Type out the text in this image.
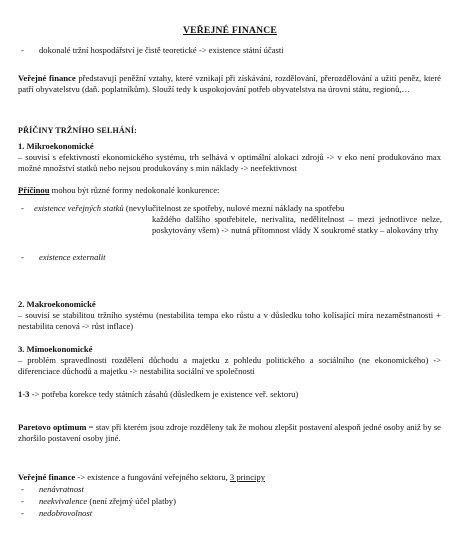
VEŘEJNÉ FINANCE
-	dokonalé tržní hospodářství je čistě teoretické -> existence státní účasti
Veřejné finance představují peněžní vztahy, které vznikají při získávání, rozdělování, přerozdělování a užití peněz, které patří obyvatelstvu (daň. poplatníkům). Slouží tedy k uspokojování potřeb obyvatelstva na úrovni státu, regionů,…
PŘÍČINY TRŽNÍHO SELHÁNÍ:
1. Mikroekonomické
– souvisí s efektivností ekonomického systému, trh selhává v optimální alokaci zdrojů -> v eko není produkováno max možné množství statků nebo nejsou produkovány s min náklady -> neefektivnost
Příčinou mohou být různé formy nedokonalé konkurence:
-	existence veřejných statků (nevylučitelnost ze spotřeby, nulové mezní náklady na spotřebu
každého dalšího spotřebitele, nerivalita, nedělitelnost – mezi jednotlivce nelze, poskytovány všem) -> nutná přítomnost vlády X soukromé statky – alokovány trhy
-	existence externalit
2. Makroekonomické
– souvisí se stabilitou tržního systému (nestabilita tempa eko růstu a v důsledku toho kolísající míra nezaměstnanosti + nestabilita cenová -> růst inflace)
3. Mimoekonomické
– problém spravedlnosti rozdělení důchodu a majetku z pohledu politického a sociálního (ne ekonomického) -> diferenciace důchodů a majetku -> nestabilita sociální ve společnosti
1-3 -> potřeba korekce tedy státních zásahů (důsledkem je existence veř. sektoru)
Paretovo optimum = stav při kterém jsou zdroje rozděleny tak že mohou zlepšit postavení alespoň jedné osoby aniž by se zhoršilo postavení osoby jiné.
Veřejné finance -> existence a fungování veřejného sektoru, 3 principy
-	nenávratnost
-	neekvivalence (není zřejmý účel platby)
-	nedobrovolnost
